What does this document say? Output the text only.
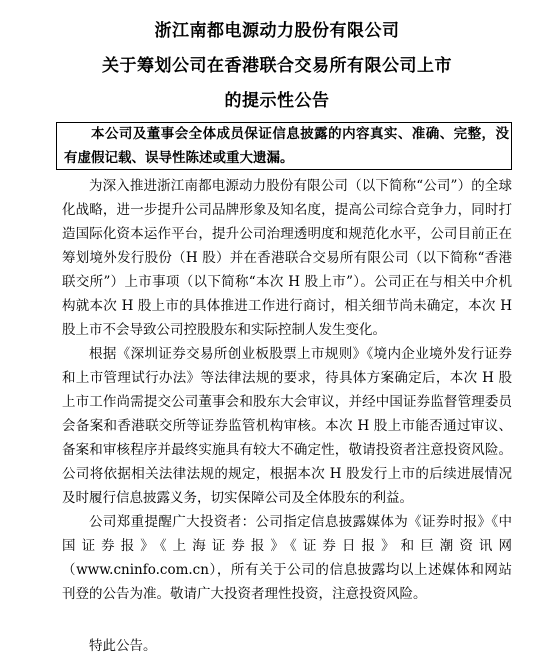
浙江南都电源动力股份有限公司
关于筹划公司在香港联合交易所有限公司上市
的提示性公告
本公司及董事会全体成员保证信息披露的内容真实、准确、完整，没有虚假记载、误导性陈述或重大遗漏。
为深入推进浙江南都电源动力股份有限公司（以下简称“公司”）的全球化战略，进一步提升公司品牌形象及知名度，提高公司综合竞争力，同时打造国际化资本运作平台，提升公司治理透明度和规范化水平，公司目前正在筹划境外发行股份（H 股）并在香港联合交易所有限公司（以下简称“香港联交所”）上市事项（以下简称“本次 H 股上市”）。公司正在与相关中介机构就本次 H 股上市的具体推进工作进行商讨，相关细节尚未确定，本次 H 股上市不会导致公司控股股东和实际控制人发生变化。
根据《深圳证券交易所创业板股票上市规则》《境内企业境外发行证券和上市管理试行办法》等法律法规的要求，待具体方案确定后，本次 H 股上市工作尚需提交公司董事会和股东大会审议，并经中国证券监督管理委员会备案和香港联交所等证券监管机构审核。本次 H 股上市能否通过审议、备案和审核程序并最终实施具有较大不确定性，敬请投资者注意投资风险。公司将依据相关法律法规的规定，根据本次 H 股发行上市的后续进展情况及时履行信息披露义务，切实保障公司及全体股东的利益。
公司郑重提醒广大投资者：公司指定信息披露媒体为《证券时报》《中国证券报》《上海证券报》《证券日报》和巨潮资讯网（www.cninfo.com.cn），所有关于公司的信息披露均以上述媒体和网站刊登的公告为准。敬请广大投资者理性投资，注意投资风险。
特此公告。
